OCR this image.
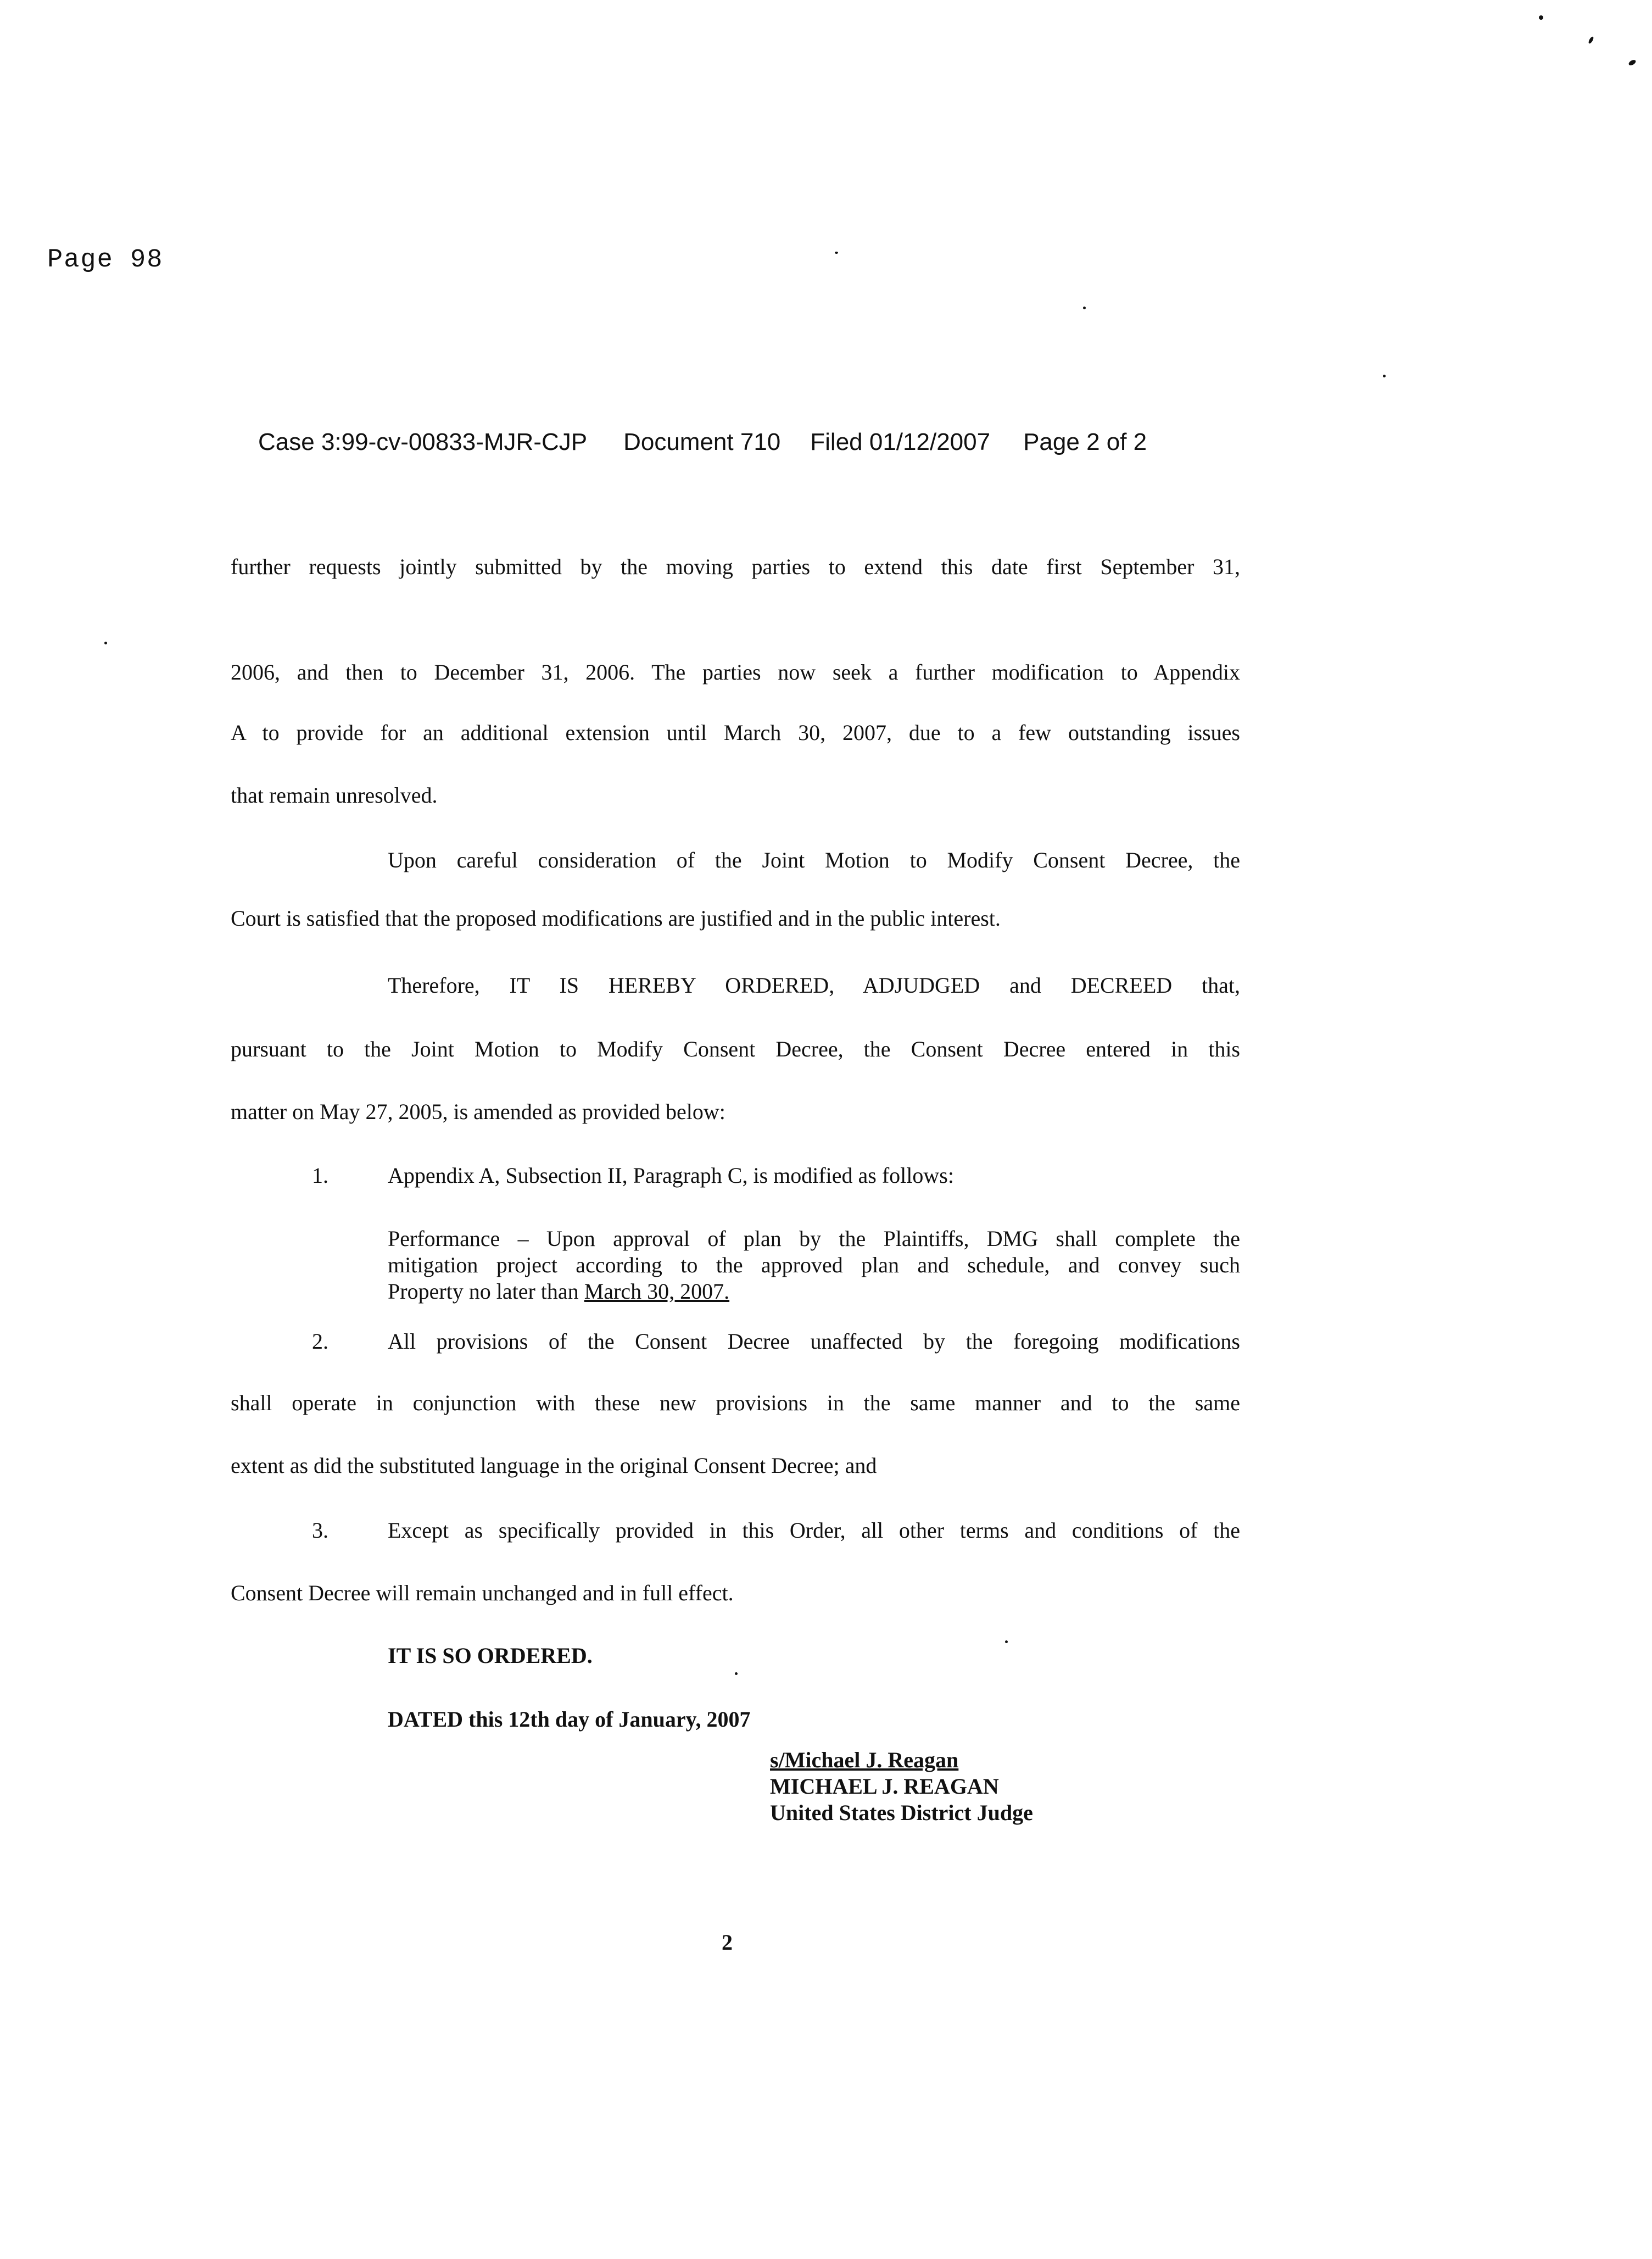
Page 98
Case 3:99-cv-00833-MJR-CJP Document 710 Filed 01/12/2007 Page 2 of 2
further requests jointly submitted by the moving parties to extend this date first September 31,
2006, and then to December 31, 2006. The parties now seek a further modification to Appendix
A to provide for an additional extension until March 30, 2007, due to a few outstanding issues
that remain unresolved.
Upon careful consideration of the Joint Motion to Modify Consent Decree, the
Court is satisfied that the proposed modifications are justified and in the public interest.
Therefore, IT IS HEREBY ORDERED, ADJUDGED and DECREED that,
pursuant to the Joint Motion to Modify Consent Decree, the Consent Decree entered in this
matter on May 27, 2005, is amended as provided below:
1.	Appendix A, Subsection II, Paragraph C, is modified as follows:
Performance – Upon approval of plan by the Plaintiffs, DMG shall complete the
mitigation project according to the approved plan and schedule, and convey such
Property no later than March 30, 2007.
2.	All provisions of the Consent Decree unaffected by the foregoing modifications
shall operate in conjunction with these new provisions in the same manner and to the same
extent as did the substituted language in the original Consent Decree; and
3.	Except as specifically provided in this Order, all other terms and conditions of the
Consent Decree will remain unchanged and in full effect.
IT IS SO ORDERED.
DATED this 12th day of January, 2007
s/Michael J. Reagan
MICHAEL J. REAGAN
United States District Judge
2
